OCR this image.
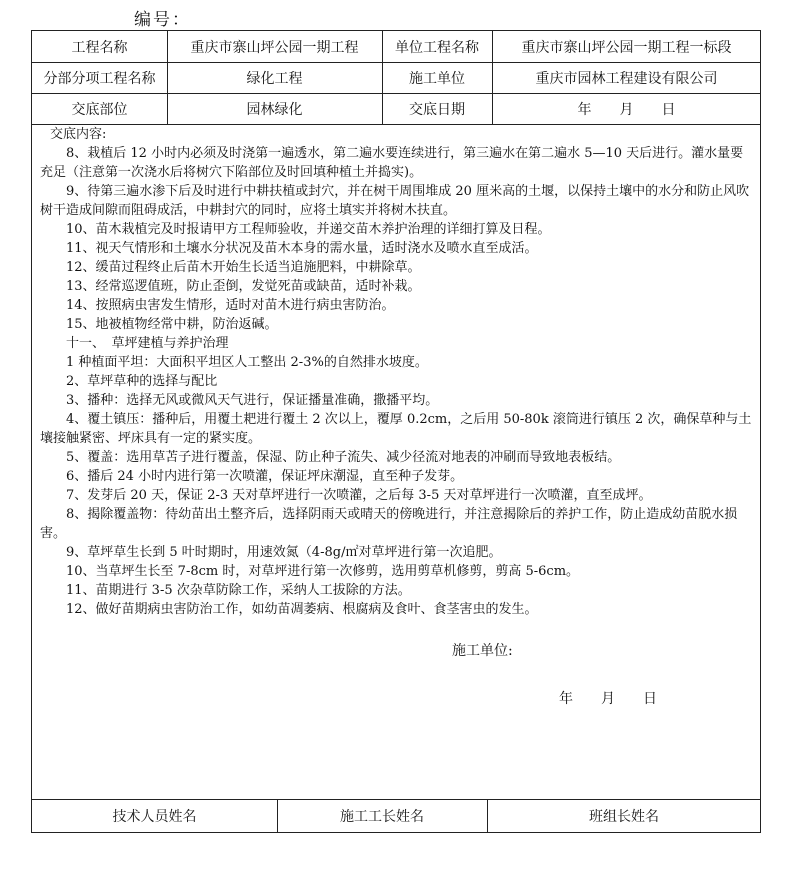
编号：
工程名称	重庆市寨山坪公园一期工程	单位工程名称	重庆市寨山坪公园一期工程一标段
分部分项工程名称	绿化工程	施工单位	重庆市园林工程建设有限公司
交底部位	园林绿化	交底日期	年　　月　　日

交底内容:

8、栽植后 12 小时内必须及时浇第一遍透水，第二遍水要连续进行，第三遍水在第二遍水 5—10 天后进行。灌水量要充足（注意第一次浇水后将树穴下陷部位及时回填种植土并捣实)。

9、待第三遍水渗下后及时进行中耕扶植或封穴，并在树干周围堆成 20 厘米高的土堰，以保持土壤中的水分和防止风吹树干造成间隙而阻碍成活，中耕封穴的同时，应将土填实并将树木扶直。

10、苗木栽植完及时报请甲方工程师验收，并递交苗木养护治理的详细打算及日程。

11、视天气情形和土壤水分状况及苗木本身的需水量，适时浇水及喷水直至成活。

12、缓苗过程终止后苗木开始生长适当追施肥料，中耕除草。

13、经常巡逻值班，防止歪倒，发觉死苗或缺苗，适时补栽。

14、按照病虫害发生情形，适时对苗木进行病虫害防治。

15、地被植物经常中耕，防治返碱。

十一、　草坪建植与养护治理

1 种植面平坦：大面积平坦区人工整出 2-3%的自然排水坡度。

2、草坪草种的选择与配比

3、播种：选择无风或微风天气进行，保证播量准确，撒播平均。

4、覆土镇压：播种后，用覆土耙进行覆土 2 次以上，覆厚 0.2cm，之后用 50-80k 滚筒进行镇压 2 次，确保草种与土壤接触紧密、坪床具有一定的紧实度。

5、覆盖：选用草苫子进行覆盖，保湿、防止种子流失、减少径流对地表的冲刷而导致地表板结。

6、播后 24 小时内进行第一次喷灌，保证坪床潮湿，直至种子发芽。

7、发芽后 20 天，保证 2-3 天对草坪进行一次喷灌，之后每 3-5 天对草坪进行一次喷灌，直至成坪。

8、揭除覆盖物：待幼苗出土整齐后，选择阴雨天或晴天的傍晚进行，并注意揭除后的养护工作，防止造成幼苗脱水损害。

9、草坪草生长到 5 叶时期时，用速效氮（4-8g/㎡对草坪进行第一次追肥。

10、当草坪生长至 7-8cm 时，对草坪进行第一次修剪，选用剪草机修剪，剪高 5-6cm。

11、苗期进行 3-5 次杂草防除工作，采纳人工拔除的方法。

12、做好苗期病虫害防治工作，如幼苗凋萎病、根腐病及食叶、食茎害虫的发生。

施工单位:
年　　月　　日
技术人员姓名	施工工长姓名	班组长姓名
